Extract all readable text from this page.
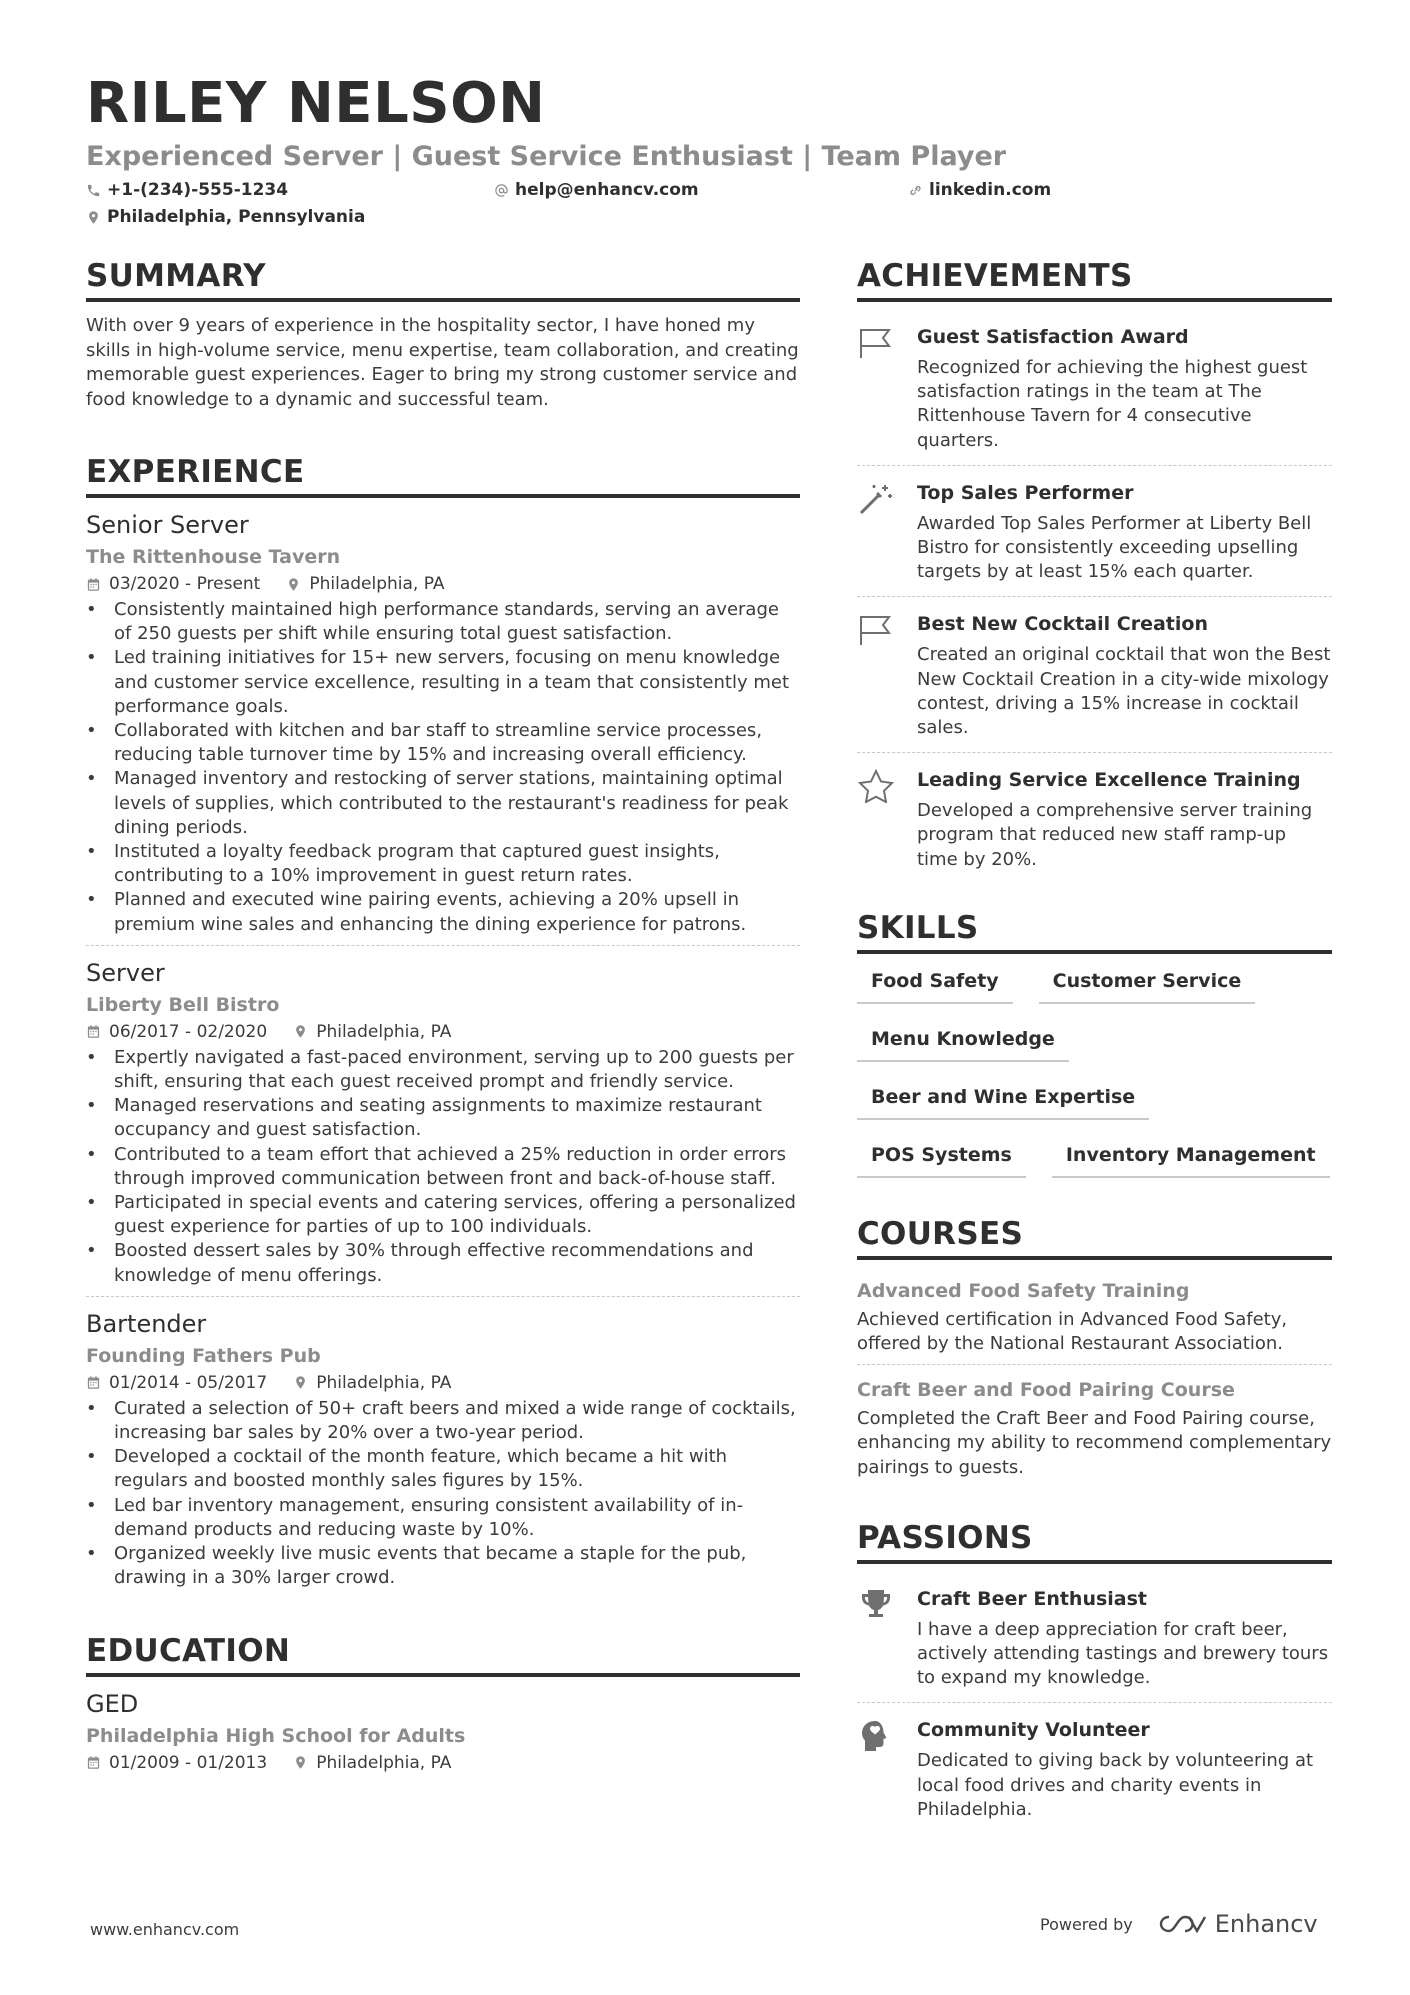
RILEY NELSON
Experienced Server | Guest Service Enthusiast | Team Player
+1-(234)-555-1234	help@enhancv.com	linkedin.com
Philadelphia, Pennsylvania
SUMMARY
With over 9 years of experience in the hospitality sector, I have honed my skills in high-volume service, menu expertise, team collaboration, and creating memorable guest experiences. Eager to bring my strong customer service and food knowledge to a dynamic and successful team.
EXPERIENCE
Senior Server
The Rittenhouse Tavern
03/2020 - Present	Philadelphia, PA
• Consistently maintained high performance standards, serving an average of 250 guests per shift while ensuring total guest satisfaction.
• Led training initiatives for 15+ new servers, focusing on menu knowledge and customer service excellence, resulting in a team that consistently met performance goals.
• Collaborated with kitchen and bar staff to streamline service processes, reducing table turnover time by 15% and increasing overall efficiency.
• Managed inventory and restocking of server stations, maintaining optimal levels of supplies, which contributed to the restaurant's readiness for peak dining periods.
• Instituted a loyalty feedback program that captured guest insights, contributing to a 10% improvement in guest return rates.
• Planned and executed wine pairing events, achieving a 20% upsell in premium wine sales and enhancing the dining experience for patrons.
Server
Liberty Bell Bistro
06/2017 - 02/2020	Philadelphia, PA
• Expertly navigated a fast-paced environment, serving up to 200 guests per shift, ensuring that each guest received prompt and friendly service.
• Managed reservations and seating assignments to maximize restaurant occupancy and guest satisfaction.
• Contributed to a team effort that achieved a 25% reduction in order errors through improved communication between front and back-of-house staff.
• Participated in special events and catering services, offering a personalized guest experience for parties of up to 100 individuals.
• Boosted dessert sales by 30% through effective recommendations and knowledge of menu offerings.
Bartender
Founding Fathers Pub
01/2014 - 05/2017	Philadelphia, PA
• Curated a selection of 50+ craft beers and mixed a wide range of cocktails, increasing bar sales by 20% over a two-year period.
• Developed a cocktail of the month feature, which became a hit with regulars and boosted monthly sales figures by 15%.
• Led bar inventory management, ensuring consistent availability of in-demand products and reducing waste by 10%.
• Organized weekly live music events that became a staple for the pub, drawing in a 30% larger crowd.
EDUCATION
GED
Philadelphia High School for Adults
01/2009 - 01/2013	Philadelphia, PA
ACHIEVEMENTS
Guest Satisfaction Award
Recognized for achieving the highest guest satisfaction ratings in the team at The Rittenhouse Tavern for 4 consecutive quarters.
Top Sales Performer
Awarded Top Sales Performer at Liberty Bell Bistro for consistently exceeding upselling targets by at least 15% each quarter.
Best New Cocktail Creation
Created an original cocktail that won the Best New Cocktail Creation in a city-wide mixology contest, driving a 15% increase in cocktail sales.
Leading Service Excellence Training
Developed a comprehensive server training program that reduced new staff ramp-up time by 20%.
SKILLS
Food Safety	Customer Service
Menu Knowledge
Beer and Wine Expertise
POS Systems	Inventory Management
COURSES
Advanced Food Safety Training
Achieved certification in Advanced Food Safety, offered by the National Restaurant Association.
Craft Beer and Food Pairing Course
Completed the Craft Beer and Food Pairing course, enhancing my ability to recommend complementary pairings to guests.
PASSIONS
Craft Beer Enthusiast
I have a deep appreciation for craft beer, actively attending tastings and brewery tours to expand my knowledge.
Community Volunteer
Dedicated to giving back by volunteering at local food drives and charity events in Philadelphia.
www.enhancv.com	Powered by	Enhancv
